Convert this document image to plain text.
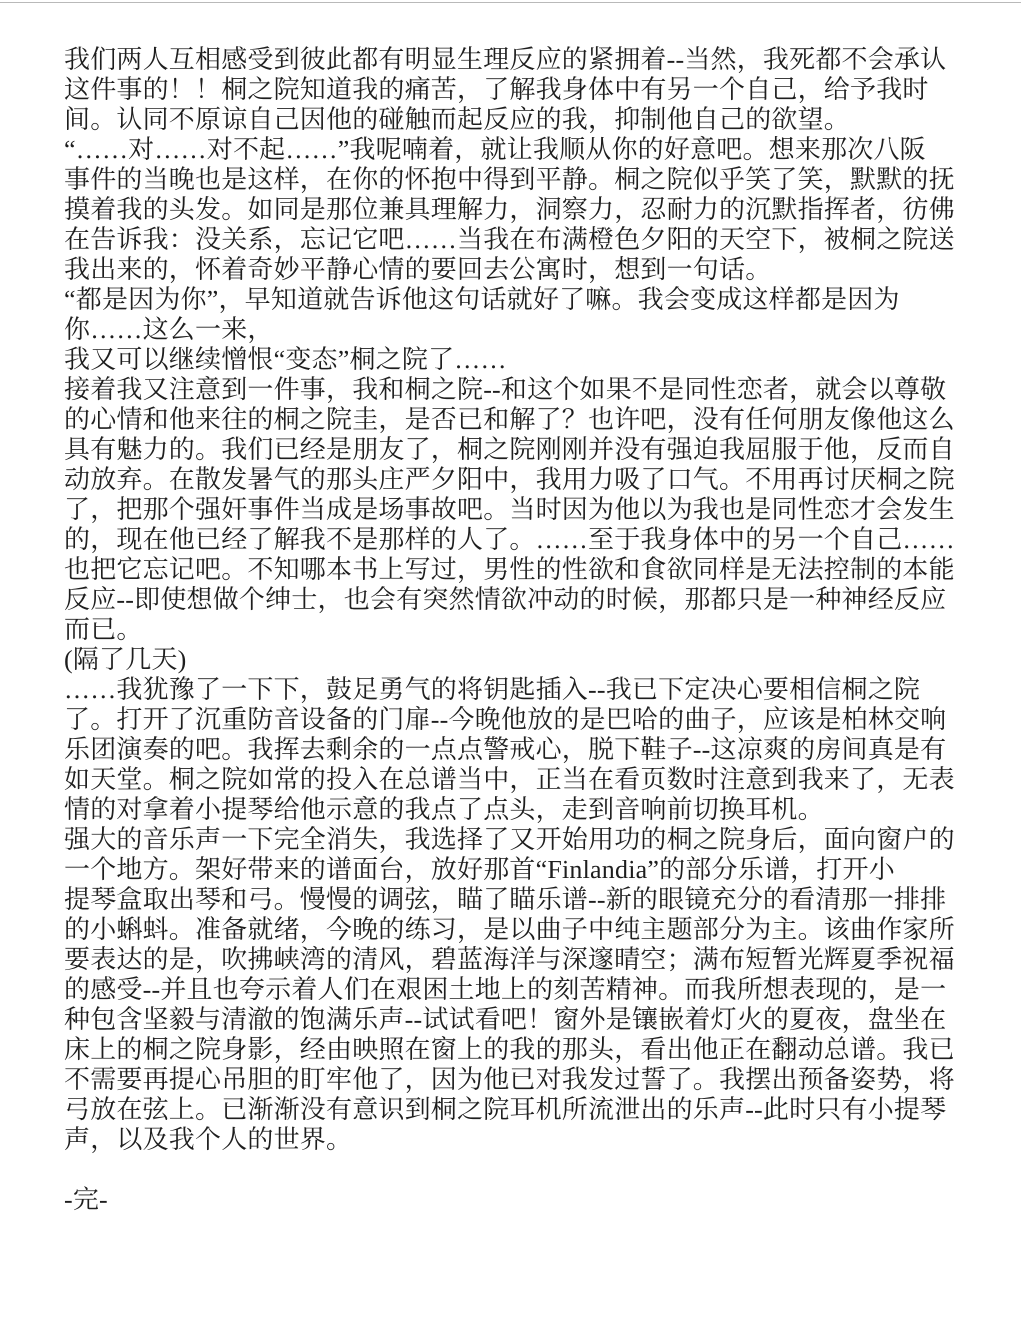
我们两人互相感受到彼此都有明显生理反应的紧拥着--当然，我死都不会承认

这件事的！！桐之院知道我的痛苦，了解我身体中有另一个自己，给予我时

间。认同不原谅自己因他的碰触而起反应的我，抑制他自己的欲望。

“……对……对不起……”我呢喃着，就让我顺从你的好意吧。想来那次八阪

事件的当晚也是这样，在你的怀抱中得到平静。桐之院似乎笑了笑，默默的抚

摸着我的头发。如同是那位兼具理解力，洞察力，忍耐力的沉默指挥者，彷佛

在告诉我：没关系，忘记它吧……当我在布满橙色夕阳的天空下，被桐之院送

我出来的，怀着奇妙平静心情的要回去公寓时，想到一句话。

“都是因为你”，早知道就告诉他这句话就好了嘛。我会变成这样都是因为

你……这么一来，

我又可以继续憎恨“变态”桐之院了……

接着我又注意到一件事，我和桐之院--和这个如果不是同性恋者，就会以尊敬

的心情和他来往的桐之院圭，是否已和解了？也许吧，没有任何朋友像他这么

具有魅力的。我们已经是朋友了，桐之院刚刚并没有强迫我屈服于他，反而自

动放弃。在散发暑气的那头庄严夕阳中，我用力吸了口气。不用再讨厌桐之院

了，把那个强奸事件当成是场事故吧。当时因为他以为我也是同性恋才会发生

的，现在他已经了解我不是那样的人了。……至于我身体中的另一个自己……

也把它忘记吧。不知哪本书上写过，男性的性欲和食欲同样是无法控制的本能

反应--即使想做个绅士，也会有突然情欲冲动的时候，那都只是一种神经反应

而已。

(隔了几天)

……我犹豫了一下下，鼓足勇气的将钥匙插入--我已下定决心要相信桐之院

了。打开了沉重防音设备的门扉--今晚他放的是巴哈的曲子，应该是柏林交响

乐团演奏的吧。我挥去剩余的一点点警戒心，脱下鞋子--这凉爽的房间真是有

如天堂。桐之院如常的投入在总谱当中，正当在看页数时注意到我来了，无表

情的对拿着小提琴给他示意的我点了点头，走到音响前切换耳机。

强大的音乐声一下完全消失，我选择了又开始用功的桐之院身后，面向窗户的

一个地方。架好带来的谱面台，放好那首“Finlandia”的部分乐谱，打开小

提琴盒取出琴和弓。慢慢的调弦，瞄了瞄乐谱--新的眼镜充分的看清那一排排

的小蝌蚪。准备就绪，今晚的练习，是以曲子中纯主题部分为主。该曲作家所

要表达的是，吹拂峡湾的清风，碧蓝海洋与深邃晴空；满布短暂光辉夏季祝福

的感受--并且也夸示着人们在艰困土地上的刻苦精神。而我所想表现的，是一

种包含坚毅与清澈的饱满乐声--试试看吧！窗外是镶嵌着灯火的夏夜，盘坐在

床上的桐之院身影，经由映照在窗上的我的那头，看出他正在翻动总谱。我已

不需要再提心吊胆的盯牢他了，因为他已对我发过誓了。我摆出预备姿势，将

弓放在弦上。已渐渐没有意识到桐之院耳机所流泄出的乐声--此时只有小提琴

声，以及我个人的世界。

-完-
